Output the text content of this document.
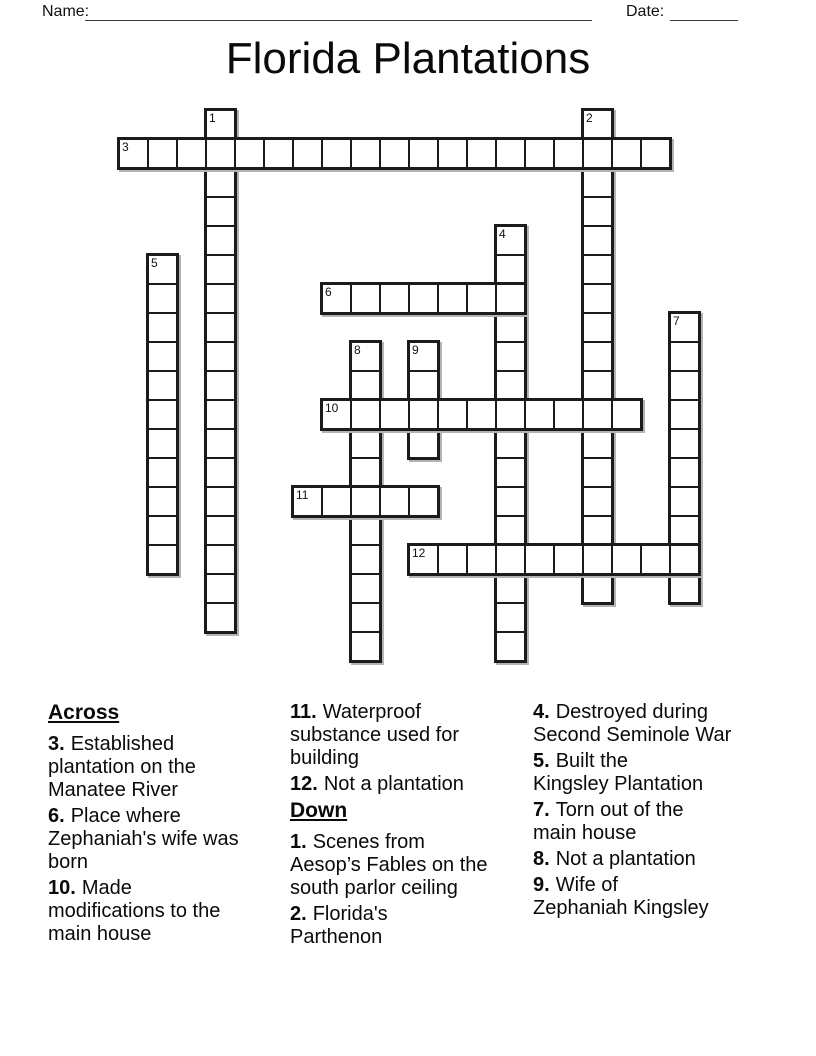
Name:	Date:
Florida Plantations
1	2
3
4
5
6
7
8	9
10
11
12
Across
3. Established
plantation on the
Manatee River
6. Place where
Zephaniah's wife was
born
10. Made
modifications to the
main house
11. Waterproof
substance used for
building
12. Not a plantation
Down
1. Scenes from
Aesop’s Fables on the
south parlor ceiling
2. Florida's
Parthenon
4. Destroyed during
Second Seminole War
5. Built the
Kingsley Plantation
7. Torn out of the
main house
8. Not a plantation
9. Wife of
Zephaniah Kingsley
